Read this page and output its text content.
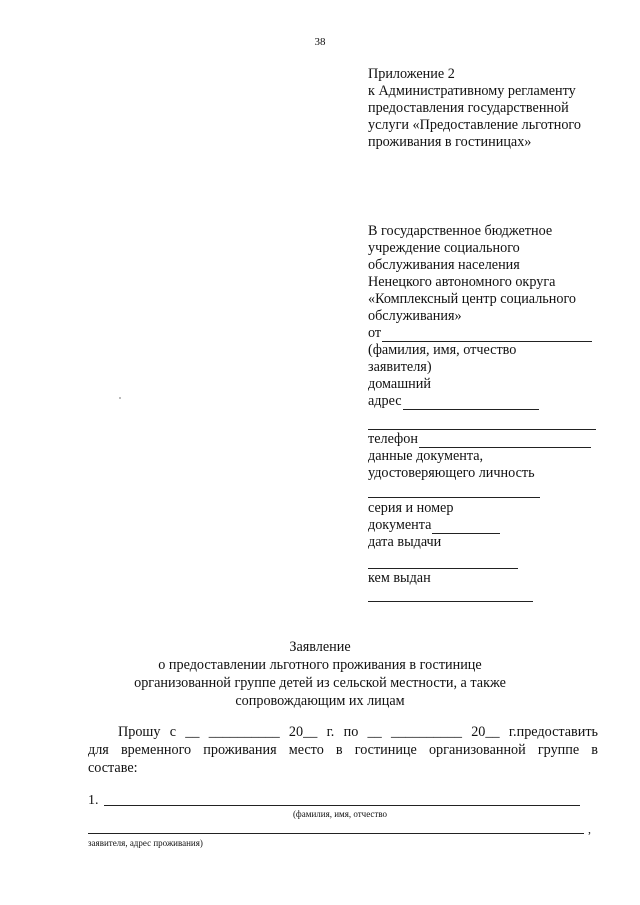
38
Приложение 2
к Административному регламенту
предоставления государственной
услуги «Предоставление льготного
проживания в гостиницах»
В государственное бюджетное
учреждение социального
обслуживания населения
Ненецкого автономного округа
«Комплексный центр социального
обслуживания»
от
(фамилия, имя, отчество
заявителя)
домашний
адрес
телефон
данные документа,
удостоверяющего личность
серия и номер
документа
дата выдачи
кем выдан
Заявление
о предоставлении льготного проживания в гостинице
организованной группе детей из сельской местности, а также
сопровождающим их лицам
Прошу с __ __________ 20__ г. по __ __________ 20__ г.предоставить
для временного проживания место в гостинице организованной группе в
составе:
1.
(фамилия, имя, отчество
,
заявителя, адрес проживания)
